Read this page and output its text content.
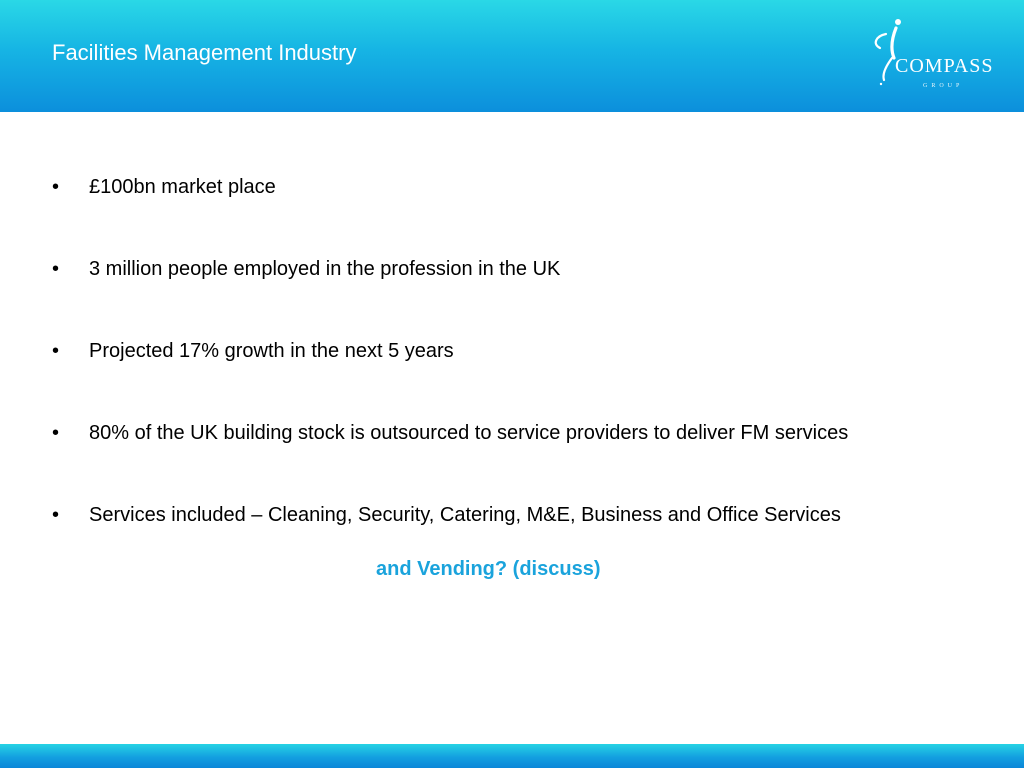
Facilities Management Industry
COMPASS
GROUP
• £100bn market place
• 3 million people employed in the profession in the UK
• Projected 17% growth in the next 5 years
• 80% of the UK building stock is outsourced to service providers to deliver FM services
• Services included – Cleaning, Security, Catering, M&E, Business and Office Services
and Vending? (discuss)
